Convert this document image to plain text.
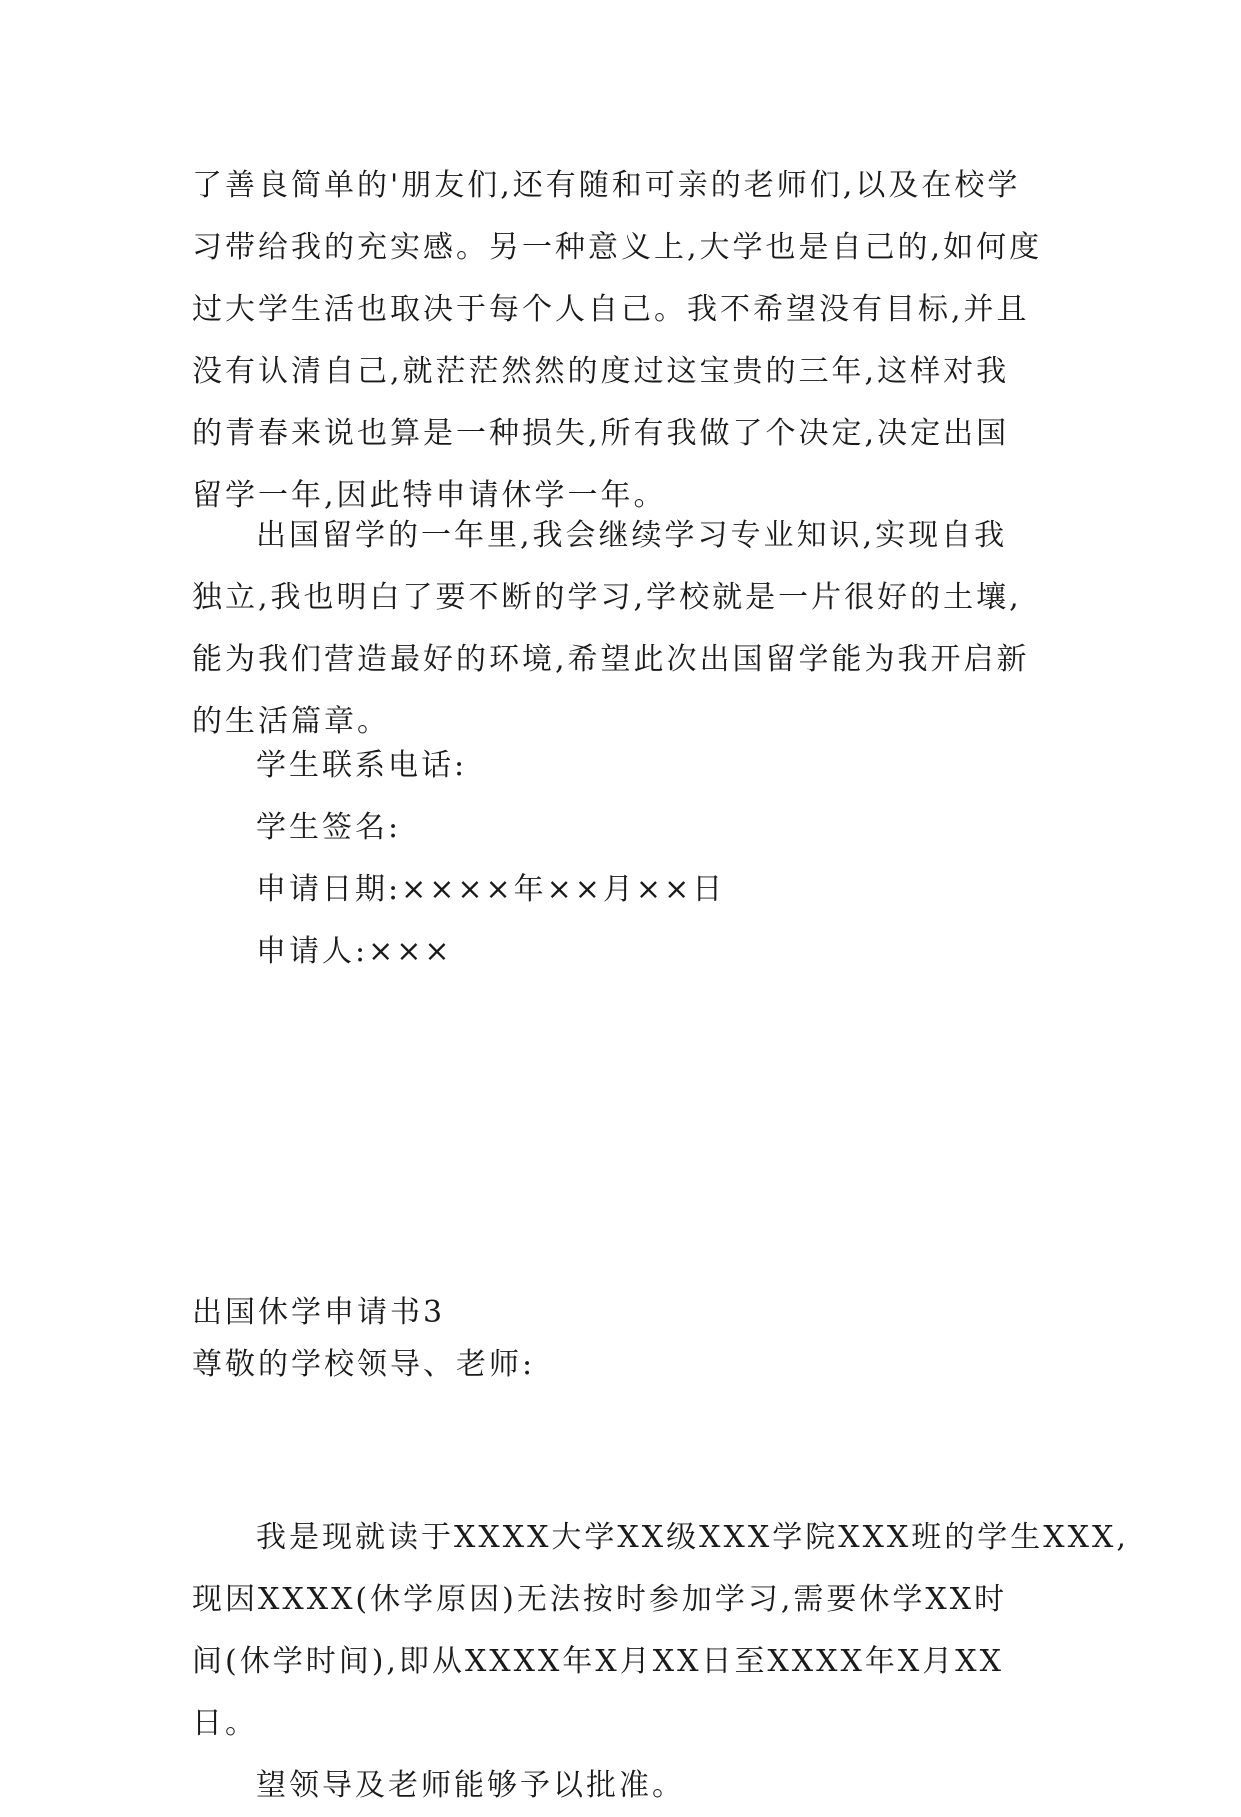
了善良简单的'朋友们,还有随和可亲的老师们,以及在校学
习带给我的充实感。另一种意义上,大学也是自己的,如何度
过大学生活也取决于每个人自己。我不希望没有目标,并且
没有认清自己,就茫茫然然的度过这宝贵的三年,这样对我
的青春来说也算是一种损失,所有我做了个决定,决定出国
留学一年,因此特申请休学一年。
出国留学的一年里,我会继续学习专业知识,实现自我
独立,我也明白了要不断的学习,学校就是一片很好的土壤,
能为我们营造最好的环境,希望此次出国留学能为我开启新
的生活篇章。
学生联系电话:
学生签名:
申请日期:××××年××月××日
申请人:×××
出国休学申请书3
尊敬的学校领导、老师:
我是现就读于XXXX大学XX级XXX学院XXX班的学生XXX,
现因XXXX(休学原因)无法按时参加学习,需要休学XX时
间(休学时间),即从XXXX年X月XX日至XXXX年X月XX
日。
望领导及老师能够予以批准。
